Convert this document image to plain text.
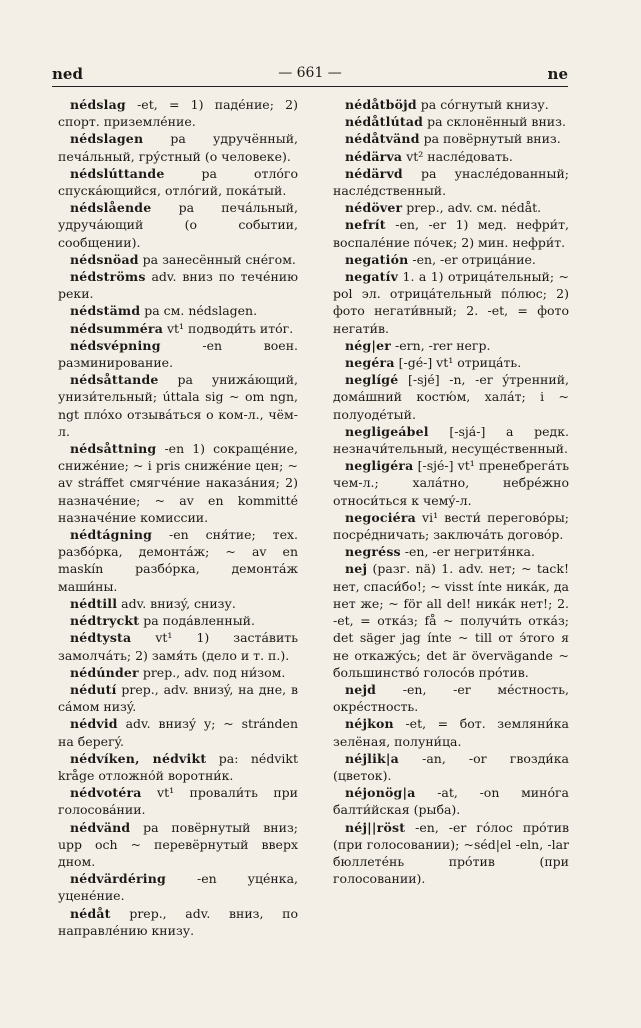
ned	— 661 —	ne

nédslag -et, = 1) падéние; 2) спорт. приземлéние.

nédslagen pa удручённый, печáльный, грýстный (о человеке).

nédslúttande pa отлóго спускáющийся, отлóгий, покáтый.

nédslående pa печáльный, удручáющий (о событии, сообщении).

nédsnöad pa занесённый снéгом.

nédströms adv. вниз по течéнию реки.

nédstämd pa см. nédslagen.

nédsummérа vt¹ подводи́ть итóг.

nédsvépning -en воен. разминирование.

nédsåttande pa унижáющий, унизи́тельный; úttala sig ~ om ngn, ngt плóхо отзывáться о ком-л., чём-л.

nédsåttning -en 1) сокращéние, снижéние; ~ i pris снижéние цен; ~ av stráffet смягчéние наказáния; 2) назначéние; ~ av en kommitté назначéние комиссии.

nédtágning -en сня́тие; тех. разбóрка, демонтáж; ~ av en maskín разбóрка, демонтáж маши́ны.

nédtill adv. внизý, снизу.

nédtryckt pa подáвленный.

nédtysta vt¹ 1) застáвить замолчáть; 2) замя́ть (дело и т. п.).

nédúnder prep., adv. под ни́зом.

nédutí prep., adv. внизý, на дне, в сáмом низý.

nédvid adv. внизý у; ~ stránden на берегý.

nédvíken, nédvikt pa: nédvikt kråge отложнóй воротни́к.

nédvotéra vt¹ провали́ть при голосовáнии.

nédvänd pa повёрнутый вниз; upp och ~ перевёрнутый вверх дном.

nédvärdéring -en уцéнка, уценéние.

nédåt prep., adv. вниз, по направлéнию книзу.

nédåtböjd pa сóгнутый книзу.

nédåtlútad pa склонённый вниз.

nédåtvänd pa повёрнутый вниз.

nédärva vt² наслéдовать.

nédärvd pa унаслéдованный; наслéдственный.

nédöver prep., adv. см. nédåt.

nefrít -en, -er 1) мед. нефри́т, воспалéние пóчек; 2) мин. нефри́т.

negatión -en, -er отрицáние.

negatív 1. a 1) отрицáтельный; ~ pol эл. отрицáтельный пóлюс; 2) фото негати́вный; 2. -et, = фото негати́в.

nég|er -ern, -rer негр.

negéra [-gé-] vt¹ отрицáть.

neglígé [-sjé] -n, -er ýтренний, домáшний костю́м, халáт; i ~ полуодéтый.

negligeábel [-sjá-] a редк. незначи́тельный, несущéственный.

negligéra [-sjé-] vt¹ пренебрегáть чем-л.; халáтно, небрéжно относи́ться к чемý-л.

negociéra vi¹ вести́ переговóры; посрéдничать; заключáть договóр.

negréss -en, -er негритя́нка.

nej (разг. nä) 1. adv. нет; ~ tack! нет, спаси́бо!; ~ visst ínte никáк, да нет же; ~ för all del! никáк нет!; 2. -et, = откáз; få ~ получи́ть откáз; det säger jag ínte ~ till от э́того я не откажýсь; det är övervägande ~ большинствó голосóв прóтив.

nejd -en, -er мéстность, окрéстность.

néjkon -et, = бот. земляни́ка зелёная, полуни́ца.

néjlik|a -an, -or гвозди́ка (цветок).

néjonög|a -at, -on минóга балти́йская (рыба).

néj||röst -en, -er гóлос прóтив (при голосовании); ~séd|el -eln, -lar бюллетéнь прóтив (при голосовании).
